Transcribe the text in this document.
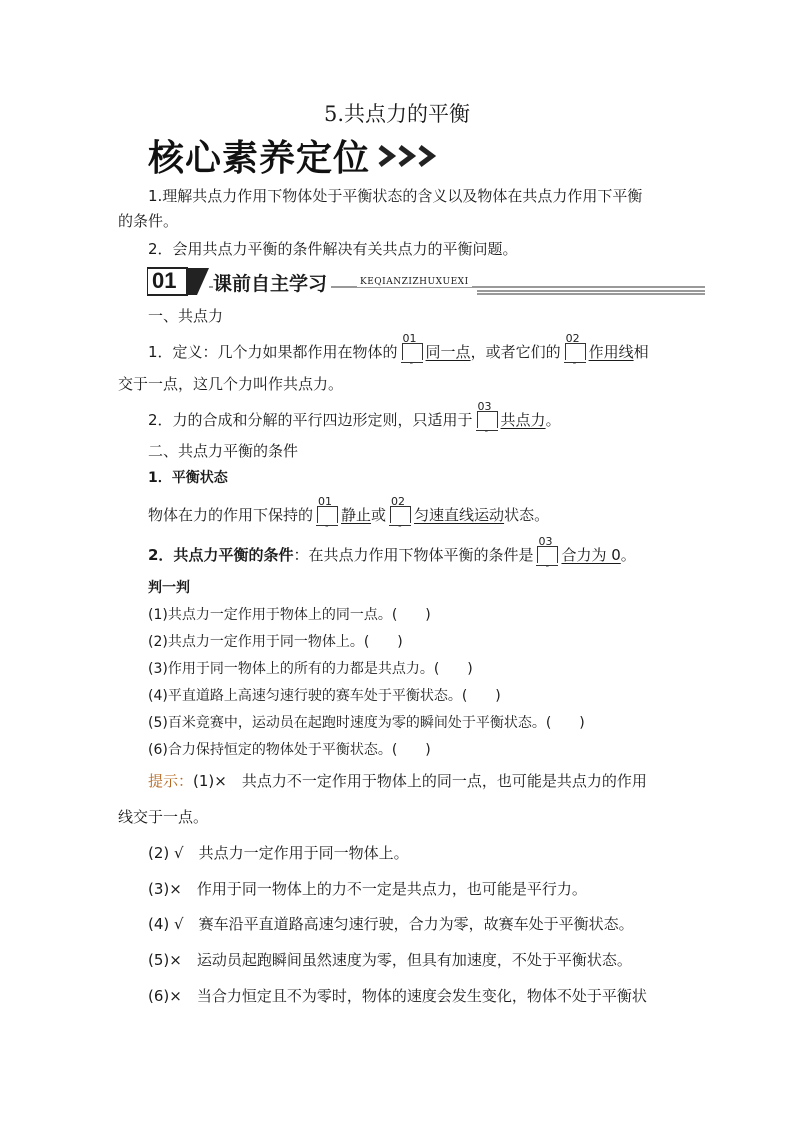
5.共点力的平衡
核心素养定位
1.理解共点力作用下物体处于平衡状态的含义以及物体在共点力作用下平衡
的条件。
2．会用共点力平衡的条件解决有关共点力的平衡问题。
01 课前自主学习	KEQIANZIZHUXUEXI
一、共点力
1．定义：几个力如果都作用在物体的
01
-
同一点，或者它们的
02
-
作用线相
交于一点，这几个力叫作共点力。
2．力的合成和分解的平行四边形定则，只适用于
03
-
共点力。
二、共点力平衡的条件
1．平衡状态
物体在力的作用下保持的
01
-
静止或
02
-
匀速直线运动状态。
2．共点力平衡的条件：在共点力作用下物体平衡的条件是
03
-
合力为 0。
判一判
(1)共点力一定作用于物体上的同一点。(　　)
(2)共点力一定作用于同一物体上。(　　)
(3)作用于同一物体上的所有的力都是共点力。(　　)
(4)平直道路上高速匀速行驶的赛车处于平衡状态。(　　)
(5)百米竞赛中，运动员在起跑时速度为零的瞬间处于平衡状态。(　　)
(6)合力保持恒定的物体处于平衡状态。(　　)
提示：(1)×　共点力不一定作用于物体上的同一点，也可能是共点力的作用
线交于一点。
(2) √　共点力一定作用于同一物体上。
(3)×　作用于同一物体上的力不一定是共点力，也可能是平行力。
(4) √　赛车沿平直道路高速匀速行驶，合力为零，故赛车处于平衡状态。
(5)×　运动员起跑瞬间虽然速度为零，但具有加速度，不处于平衡状态。
(6)×　当合力恒定且不为零时，物体的速度会发生变化，物体不处于平衡状
